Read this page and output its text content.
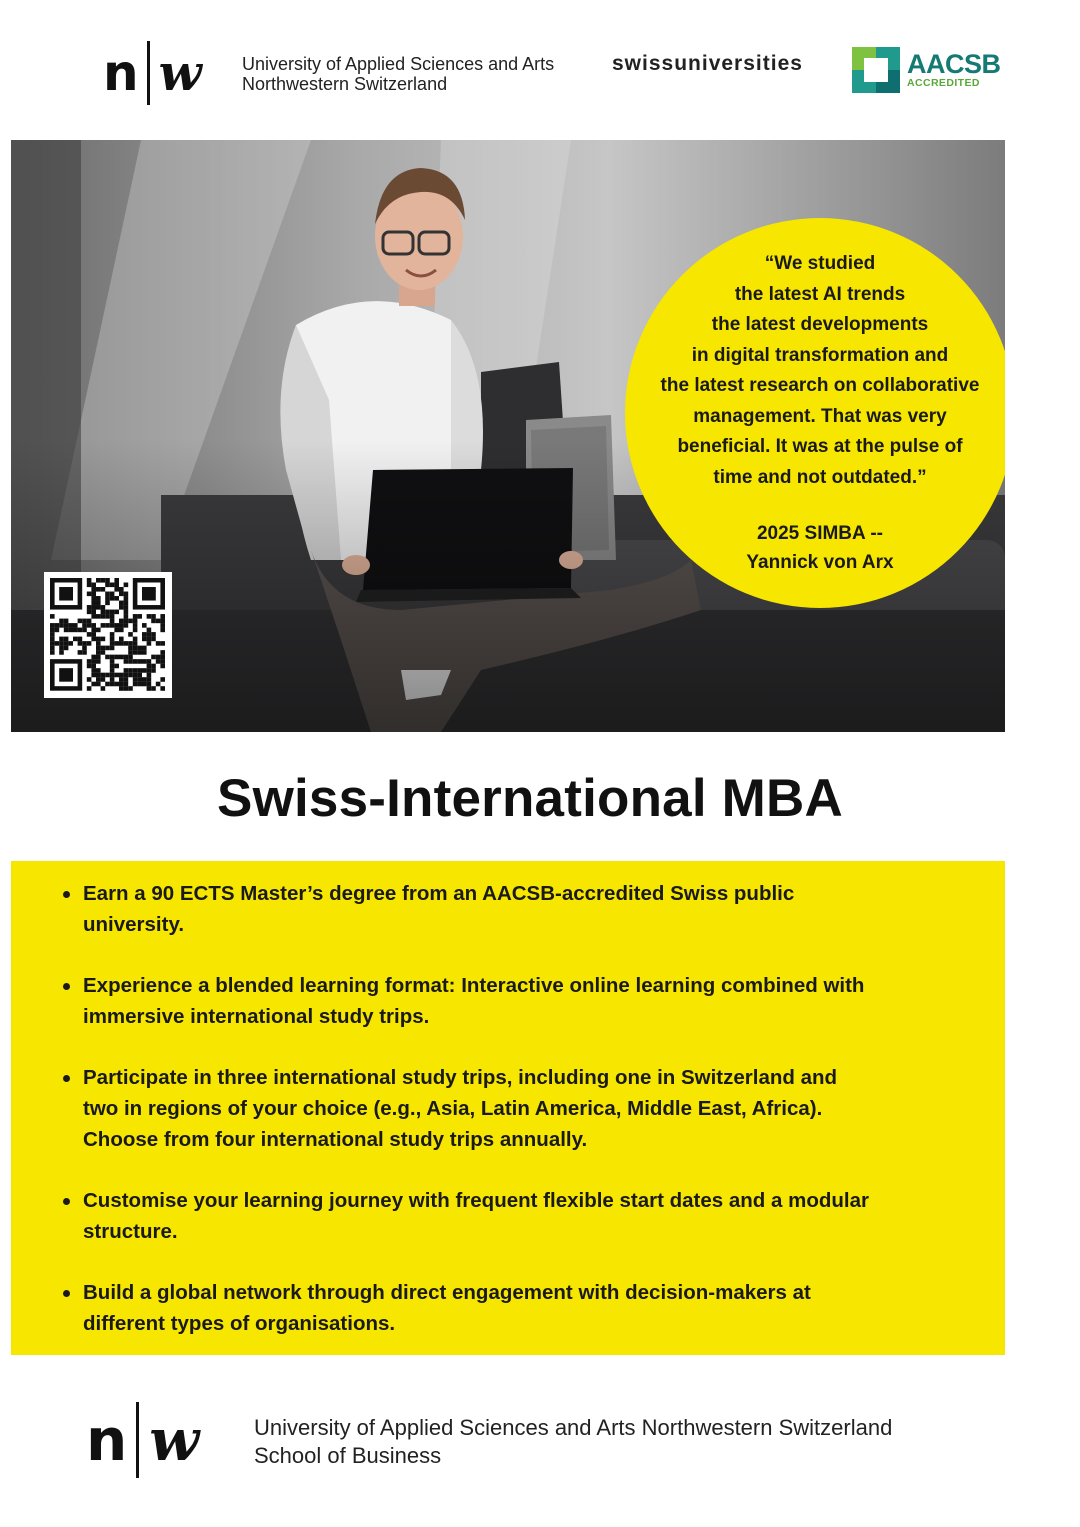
n w University of Applied Sciences and Arts
Northwestern Switzerland
swissuniversities	AACSB
ACCREDITED
“We studied
the latest AI trends
the latest developments
in digital transformation and
the latest research on collaborative
management. That was very
beneficial. It was at the pulse of
time and not outdated.”
2025 SIMBA --
Yannick von Arx
Swiss-International MBA
Earn a 90 ECTS Master’s degree from an AACSB-accredited Swiss public
university.
Experience a blended learning format: Interactive online learning combined with
immersive international study trips.
Participate in three international study trips, including one in Switzerland and
two in regions of your choice (e.g., Asia, Latin America, Middle East, Africa).
Choose from four international study trips annually.
Customise your learning journey with frequent flexible start dates and a modular
structure.
Build a global network through direct engagement with decision-makers at
different types of organisations.
n w University of Applied Sciences and Arts Northwestern Switzerland
School of Business
